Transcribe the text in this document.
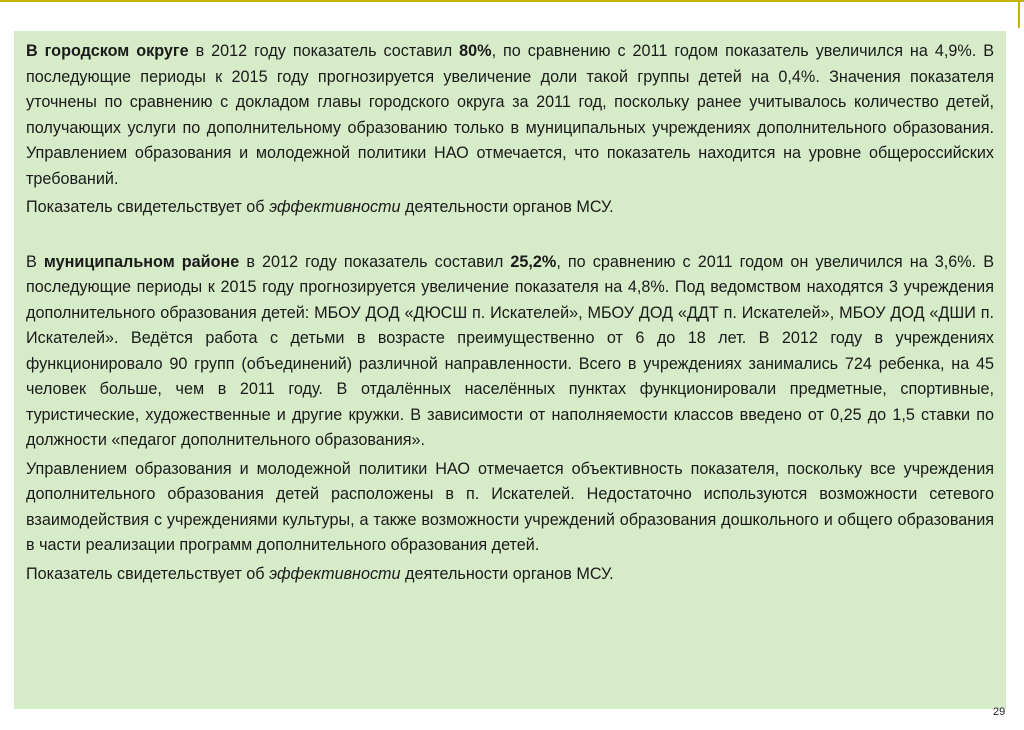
В городском округе в 2012 году показатель составил 80%, по сравнению с 2011 годом показатель увеличился на 4,9%. В последующие периоды к 2015 году прогнозируется увеличение доли такой группы детей на 0,4%. Значения показателя уточнены по сравнению с докладом главы городского округа за 2011 год, поскольку ранее учитывалось количество детей, получающих услуги по дополнительному образованию только в муниципальных учреждениях дополнительного образования. Управлением образования и молодежной политики НАО отмечается, что показатель находится на уровне общероссийских требований.

Показатель свидетельствует об эффективности деятельности органов МСУ.

В муниципальном районе в 2012 году показатель составил 25,2%, по сравнению с 2011 годом он увеличился на 3,6%. В последующие периоды к 2015 году прогнозируется увеличение показателя на 4,8%. Под ведомством находятся 3 учреждения дополнительного образования детей: МБОУ ДОД «ДЮСШ п. Искателей», МБОУ ДОД «ДДТ п. Искателей», МБОУ ДОД «ДШИ п. Искателей». Ведётся работа с детьми в возрасте преимущественно от 6 до 18 лет. В 2012 году в учреждениях функционировало 90 групп (объединений) различной направленности. Всего в учреждениях занимались 724 ребенка, на 45 человек больше, чем в 2011 году. В отдалённых населённых пунктах функционировали предметные, спортивные, туристические, художественные и другие кружки. В зависимости от наполняемости классов введено от 0,25 до 1,5 ставки по должности «педагог дополнительного образования».

Управлением образования и молодежной политики НАО отмечается объективность показателя, поскольку все учреждения дополнительного образования детей расположены в п. Искателей. Недостаточно используются возможности сетевого взаимодействия с учреждениями культуры, а также возможности учреждений образования дошкольного и общего образования в части реализации программ дополнительного образования детей.

Показатель свидетельствует об эффективности деятельности органов МСУ.

29
